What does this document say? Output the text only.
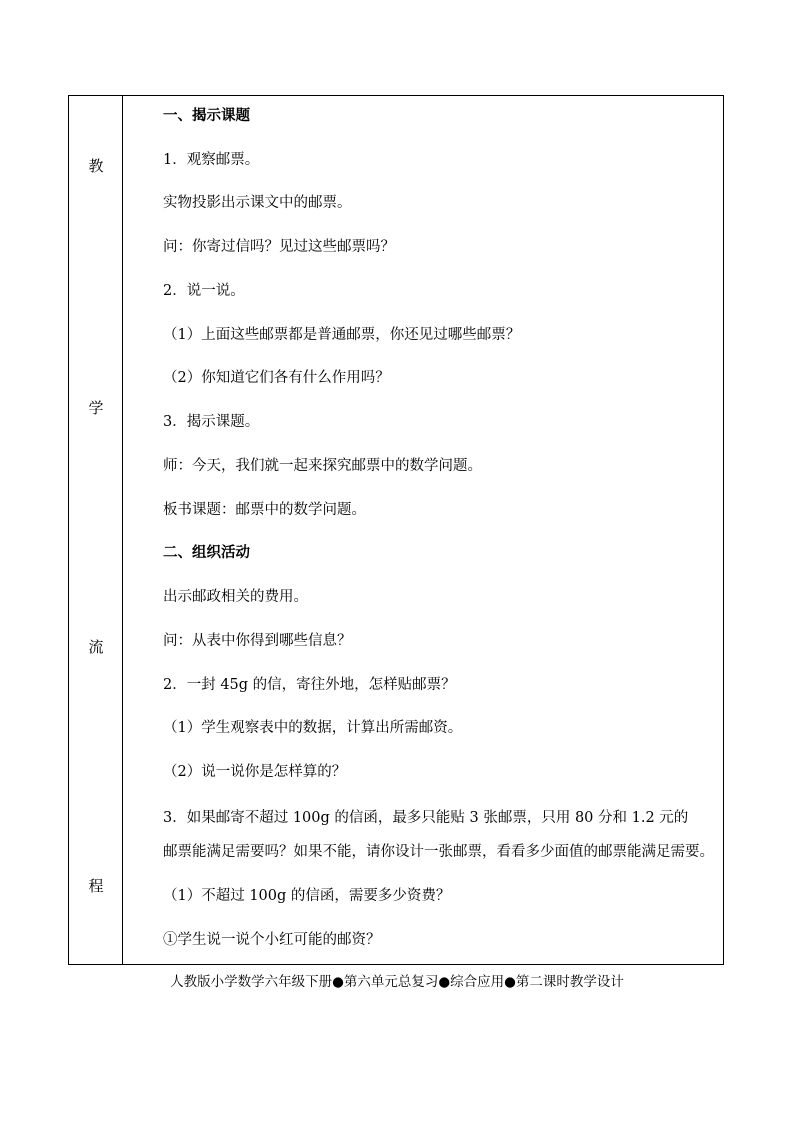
教
学
流
程
一、揭示课题
1．观察邮票。
实物投影出示课文中的邮票。
问：你寄过信吗？见过这些邮票吗？
2．说一说。
（1）上面这些邮票都是普通邮票，你还见过哪些邮票？
（2）你知道它们各有什么作用吗？
3．揭示课题。
师：今天，我们就一起来探究邮票中的数学问题。
板书课题：邮票中的数学问题。
二、组织活动
出示邮政相关的费用。
问：从表中你得到哪些信息？
2．一封 45g 的信，寄往外地，怎样贴邮票？
（1）学生观察表中的数据，计算出所需邮资。
（2）说一说你是怎样算的？
3．如果邮寄不超过 100g 的信函，最多只能贴 3 张邮票，只用 80 分和 1.2 元的
邮票能满足需要吗？如果不能，请你设计一张邮票，看看多少面值的邮票能满足需要。
（1）不超过 100g 的信函，需要多少资费？
①学生说一说个小红可能的邮资？
人教版小学数学六年级下册●第六单元总复习●综合应用●第二课时教学设计
